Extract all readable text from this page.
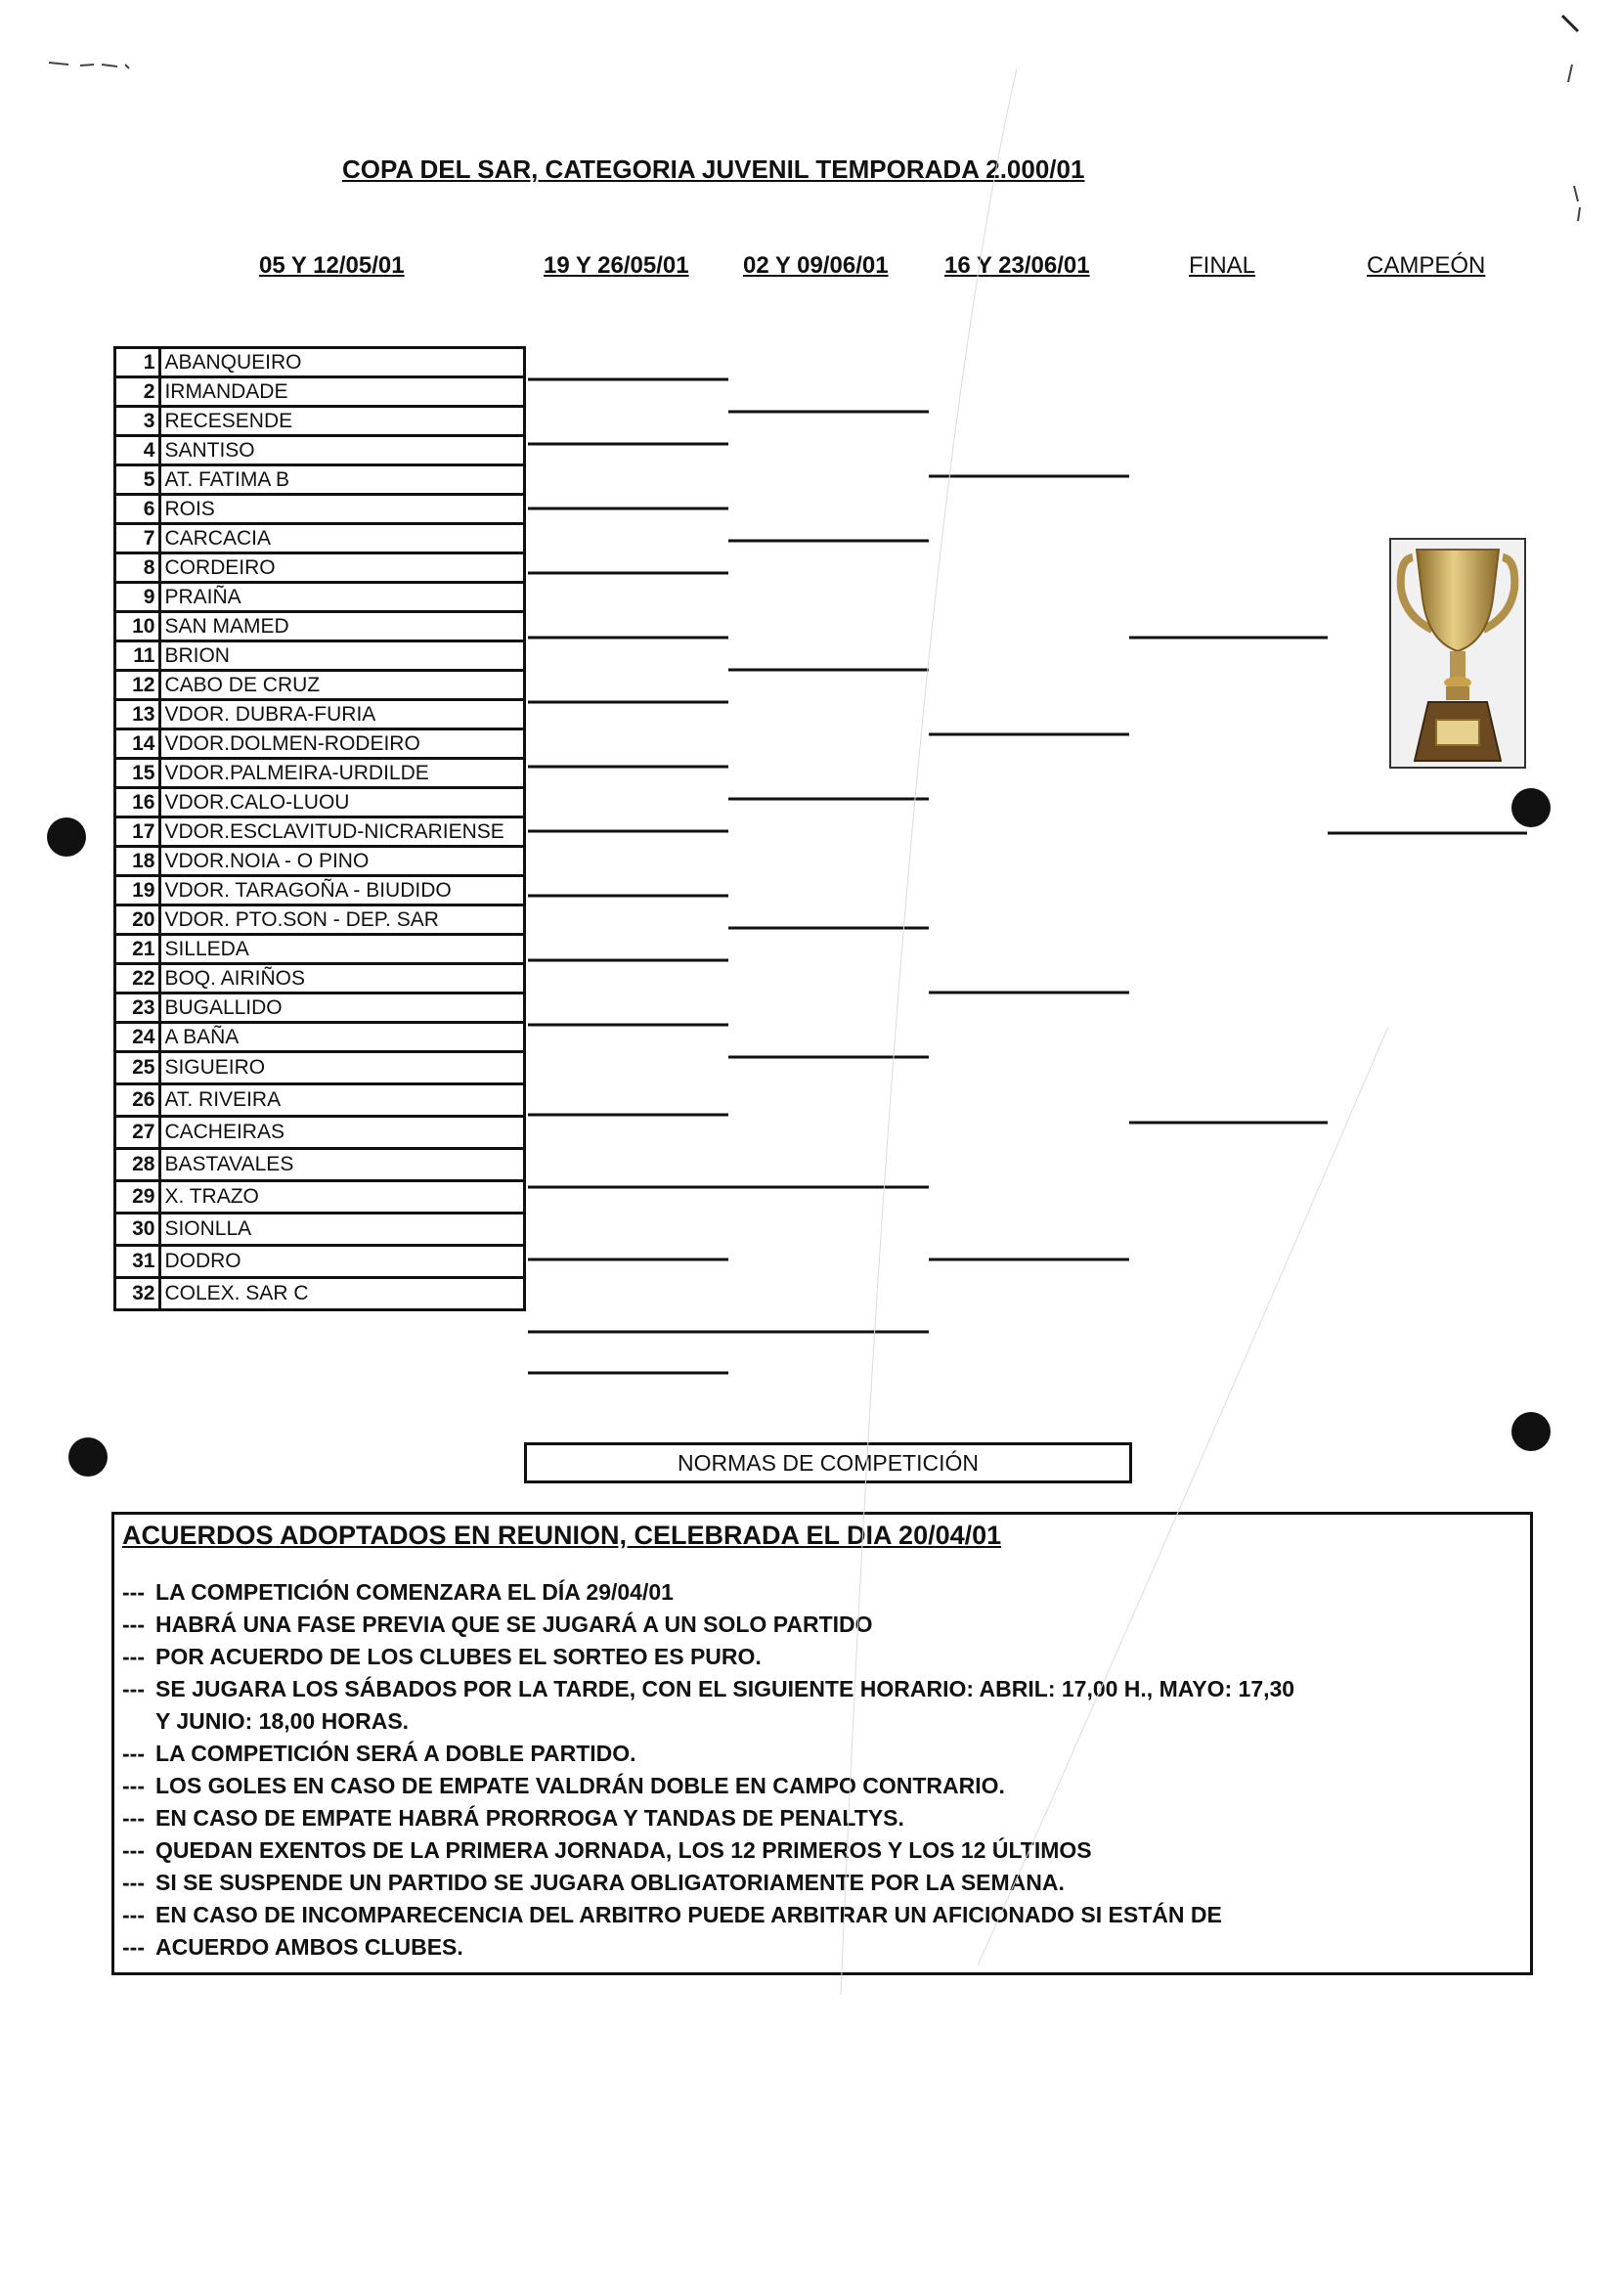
COPA DEL SAR, CATEGORIA JUVENIL TEMPORADA 2.000/01
05 Y 12/05/01	19 Y 26/05/01 02 Y 09/06/01 16 Y 23/06/01	FINAL	CAMPEÓN
1	ABANQUEIRO
2	IRMANDADE
3	RECESENDE
4	SANTISO
5	AT. FATIMA B
6	ROIS
7	CARCACIA
8	CORDEIRO
9	PRAIÑA
10	SAN MAMED
11	BRION
12	CABO DE CRUZ
13	VDOR. DUBRA-FURIA
14	VDOR.DOLMEN-RODEIRO
15	VDOR.PALMEIRA-URDILDE
16	VDOR.CALO-LUOU
17	VDOR.ESCLAVITUD-NICRARIENSE
18	VDOR.NOIA - O PINO
19	VDOR. TARAGOÑA - BIUDIDO
20	VDOR. PTO.SON - DEP. SAR
21	SILLEDA
22	BOQ. AIRIÑOS
23	BUGALLIDO
24	A BAÑA
25	SIGUEIRO
26	AT. RIVEIRA
27	CACHEIRAS
28	BASTAVALES
29	X. TRAZO
30	SIONLLA
31	DODRO
32	COLEX. SAR C
NORMAS DE COMPETICIÓN

ACUERDOS ADOPTADOS EN REUNION, CELEBRADA EL DIA 20/04/01

--- LA COMPETICIÓN COMENZARA EL DÍA 29/04/01
--- HABRÁ UNA FASE PREVIA QUE SE JUGARÁ A UN SOLO PARTIDO
--- POR ACUERDO DE LOS CLUBES EL SORTEO ES PURO.
--- SE JUGARA LOS SÁBADOS POR LA TARDE, CON EL SIGUIENTE HORARIO: ABRIL: 17,00 H., MAYO: 17,30
Y JUNIO: 18,00 HORAS.
--- LA COMPETICIÓN SERÁ A DOBLE PARTIDO.
--- LOS GOLES EN CASO DE EMPATE VALDRÁN DOBLE EN CAMPO CONTRARIO.
--- EN CASO DE EMPATE HABRÁ PRORROGA Y TANDAS DE PENALTYS.
--- QUEDAN EXENTOS DE LA PRIMERA JORNADA, LOS 12 PRIMEROS Y LOS 12 ÚLTIMOS
--- SI SE SUSPENDE UN PARTIDO SE JUGARA OBLIGATORIAMENTE POR LA SEMANA.
--- EN CASO DE INCOMPARECENCIA DEL ARBITRO PUEDE ARBITRAR UN AFICIONADO SI ESTÁN DE
--- ACUERDO AMBOS CLUBES.
